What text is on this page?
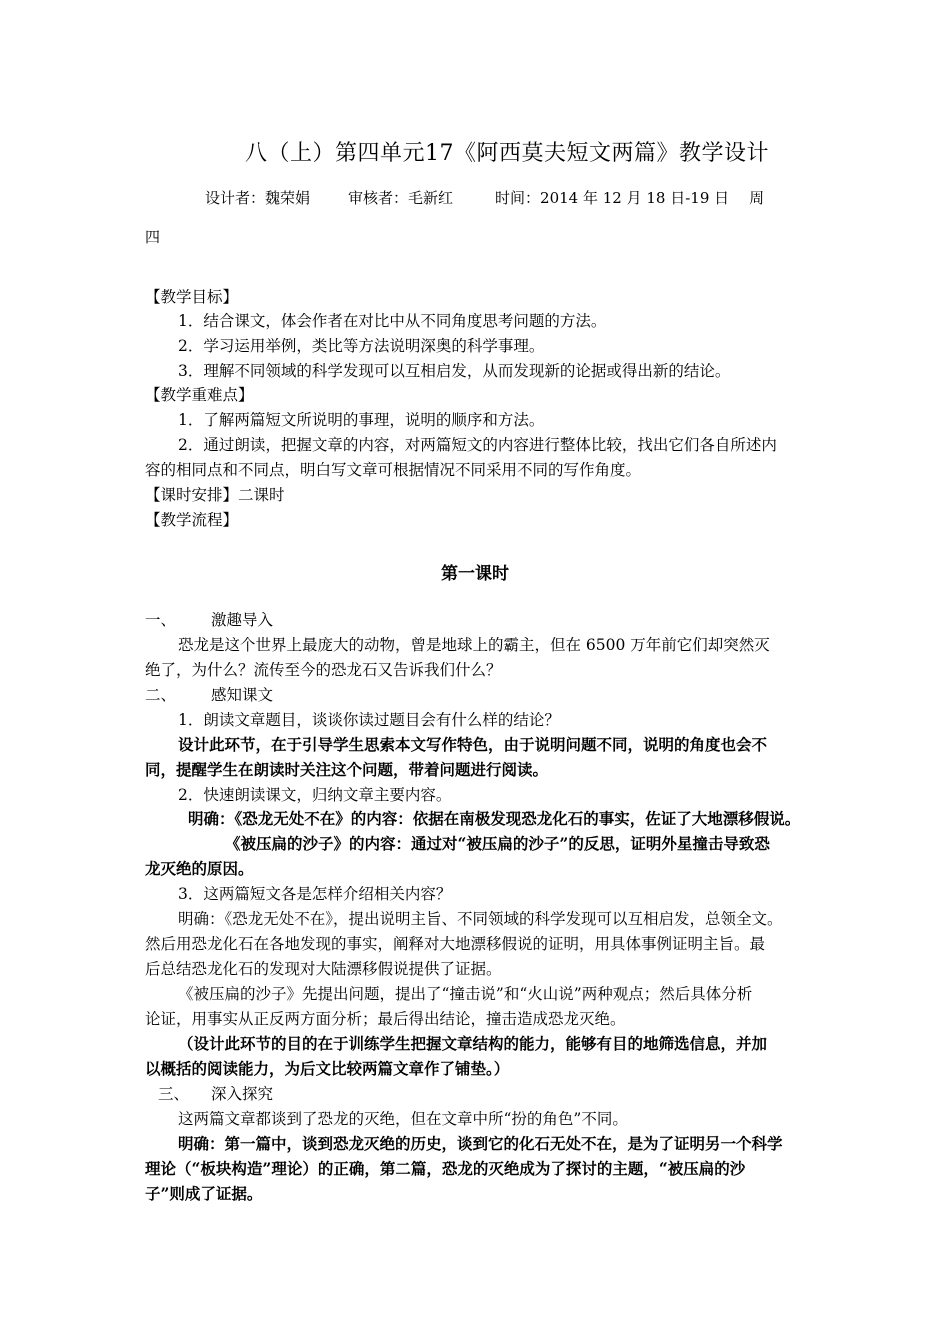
八（上）第四单元17《阿西莫夫短文两篇》教学设计
设计者：魏荣娟	审核者：毛新红	时间：2014 年 12 月 18 日-19 日 周
四
【教学目标】
1．结合课文，体会作者在对比中从不同角度思考问题的方法。
2．学习运用举例，类比等方法说明深奥的科学事理。
3．理解不同领域的科学发现可以互相启发，从而发现新的论据或得出新的结论。
【教学重难点】
1．了解两篇短文所说明的事理，说明的顺序和方法。
2．通过朗读，把握文章的内容，对两篇短文的内容进行整体比较，找出它们各自所述内
容的相同点和不同点，明白写文章可根据情况不同采用不同的写作角度。
【课时安排】二课时
【教学流程】
第一课时
一、 激趣导入
恐龙是这个世界上最庞大的动物，曾是地球上的霸主，但在 6500 万年前它们却突然灭
绝了，为什么？流传至今的恐龙石又告诉我们什么？
二、 感知课文
1．朗读文章题目，谈谈你读过题目会有什么样的结论？
设计此环节，在于引导学生思索本文写作特色，由于说明问题不同，说明的角度也会不
同，提醒学生在朗读时关注这个问题，带着问题进行阅读。
2．快速朗读课文，归纳文章主要内容。
明确：《恐龙无处不在》的内容：依据在南极发现恐龙化石的事实，佐证了大地漂移假说。
《被压扁的沙子》的内容：通过对“被压扁的沙子”的反思，证明外星撞击导致恐
龙灭绝的原因。
3．这两篇短文各是怎样介绍相关内容？
明确：《恐龙无处不在》，提出说明主旨、不同领域的科学发现可以互相启发，总领全文。
然后用恐龙化石在各地发现的事实，阐释对大地漂移假说的证明，用具体事例证明主旨。最
后总结恐龙化石的发现对大陆漂移假说提供了证据。
《被压扁的沙子》先提出问题，提出了“撞击说”和“火山说”两种观点；然后具体分析
论证，用事实从正反两方面分析；最后得出结论，撞击造成恐龙灭绝。
（设计此环节的目的在于训练学生把握文章结构的能力，能够有目的地筛选信息，并加
以概括的阅读能力，为后文比较两篇文章作了铺垫。）
三、 深入探究
这两篇文章都谈到了恐龙的灭绝，但在文章中所“扮的角色”不同。
明确：第一篇中，谈到恐龙灭绝的历史，谈到它的化石无处不在，是为了证明另一个科学
理论（“板块构造”理论）的正确，第二篇，恐龙的灭绝成为了探讨的主题，“被压扁的沙
子”则成了证据。
